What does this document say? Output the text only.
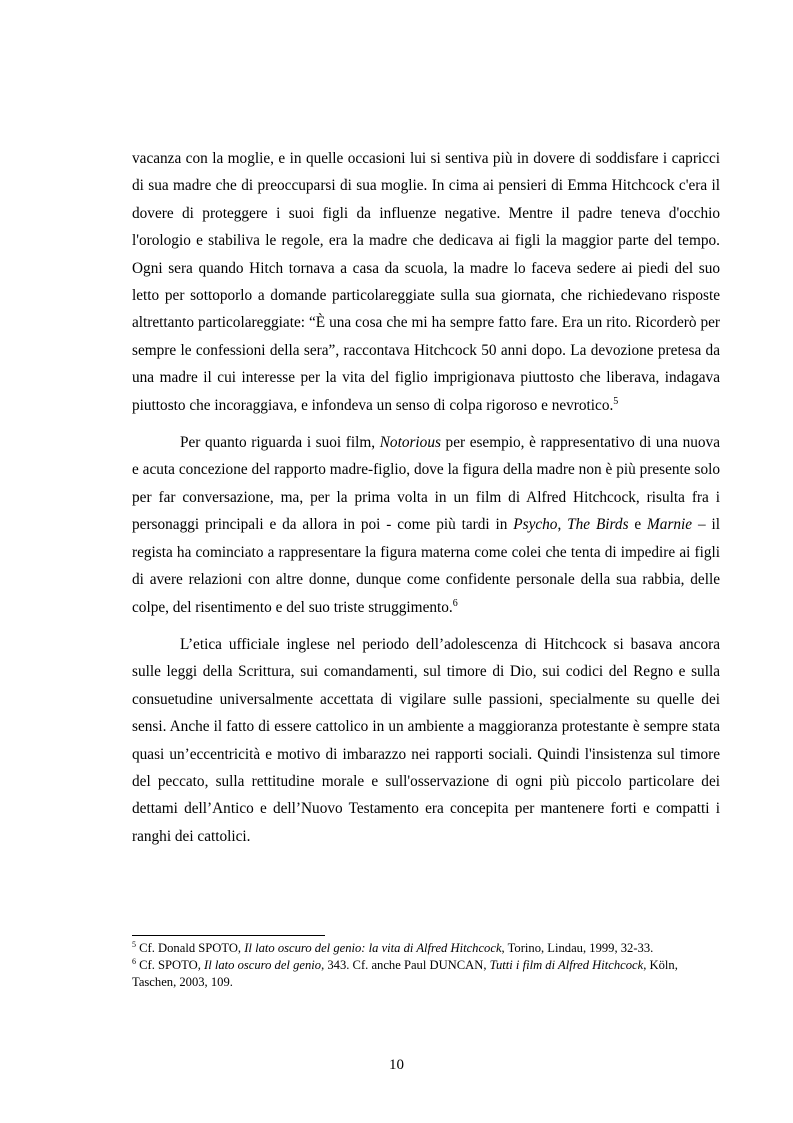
vacanza con la moglie, e in quelle occasioni lui si sentiva più in dovere di soddisfare i capricci di sua madre che di preoccuparsi di sua moglie. In cima ai pensieri di Emma Hitchcock c'era il dovere di proteggere i suoi figli da influenze negative. Mentre il padre teneva d'occhio l'orologio e stabiliva le regole, era la madre che dedicava ai figli la maggior parte del tempo. Ogni sera quando Hitch tornava a casa da scuola, la madre lo faceva sedere ai piedi del suo letto per sottoporlo a domande particolareggiate sulla sua giornata, che richiedevano risposte altrettanto particolareggiate: “È una cosa che mi ha sempre fatto fare. Era un rito. Ricorderò per sempre le confessioni della sera”, raccontava Hitchcock 50 anni dopo. La devozione pretesa da una madre il cui interesse per la vita del figlio imprigionava piuttosto che liberava, indagava piuttosto che incoraggiava, e infondeva un senso di colpa rigoroso e nevrotico.$^5$

Per quanto riguarda i suoi film, Notorious per esempio, è rappresentativo di una nuova e acuta concezione del rapporto madre-figlio, dove la figura della madre non è più presente solo per far conversazione, ma, per la prima volta in un film di Alfred Hitchcock, risulta fra i personaggi principali e da allora in poi - come più tardi in Psycho, The Birds e Marnie – il regista ha cominciato a rappresentare la figura materna come colei che tenta di impedire ai figli di avere relazioni con altre donne, dunque come confidente personale della sua rabbia, delle colpe, del risentimento e del suo triste struggimento.$^6$

L’etica ufficiale inglese nel periodo dell’adolescenza di Hitchcock si basava ancora sulle leggi della Scrittura, sui comandamenti, sul timore di Dio, sui codici del Regno e sulla consuetudine universalmente accettata di vigilare sulle passioni, specialmente su quelle dei sensi. Anche il fatto di essere cattolico in un ambiente a maggioranza protestante è sempre stata quasi un’eccentricità e motivo di imbarazzo nei rapporti sociali. Quindi l'insistenza sul timore del peccato, sulla rettitudine morale e sull'osservazione di ogni più piccolo particolare dei dettami dell’Antico e dell’Nuovo Testamento era concepita per mantenere forti e compatti i ranghi dei cattolici.

$^5$ Cf. Donald SPOTO, Il lato oscuro del genio: la vita di Alfred Hitchcock, Torino, Lindau, 1999, 32-33.

$^6$ Cf. SPOTO, Il lato oscuro del genio, 343. Cf. anche Paul DUNCAN, Tutti i film di Alfred Hitchcock, Köln, Taschen, 2003, 109.

10
